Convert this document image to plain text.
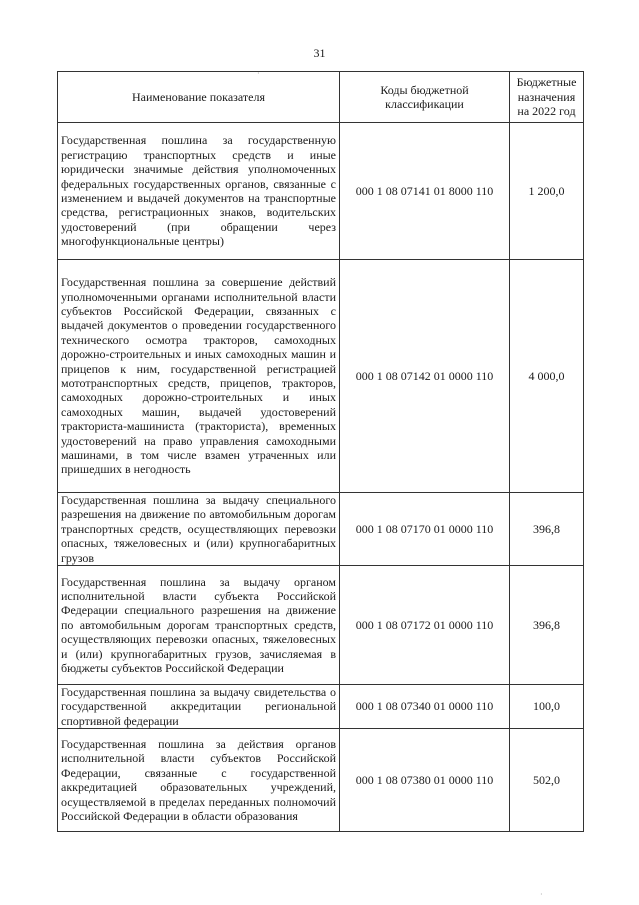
31
Наименование показателя	Коды бюджетной классификации	Бюджетные назначения на 2022 год
Государственная пошлина за государственную регистрацию транспортных средств и иные юридически значимые действия уполномоченных федеральных государственных органов, связанные с изменением и выдачей документов на транспортные средства, регистрационных знаков, водительских удостоверений (при обращении через многофункциональные центры)	000 1 08 07141 01 8000 110	1 200,0
Государственная пошлина за совершение действий уполномоченными органами исполнительной власти субъектов Российской Федерации, связанных с выдачей документов о проведении государственного технического осмотра тракторов, самоходных дорожно-строительных и иных самоходных машин и прицепов к ним, государственной регистрацией мототранспортных средств, прицепов, тракторов, самоходных дорожно-строительных и иных самоходных машин, выдачей удостоверений тракториста-машиниста (тракториста), временных удостоверений на право управления самоходными машинами, в том числе взамен утраченных или пришедших в негодность	000 1 08 07142 01 0000 110	4 000,0
Государственная пошлина за выдачу специального разрешения на движение по автомобильным дорогам транспортных средств, осуществляющих перевозки опасных, тяжеловесных и (или) крупногабаритных грузов	000 1 08 07170 01 0000 110	396,8
Государственная пошлина за выдачу органом исполнительной власти субъекта Российской Федерации специального разрешения на движение по автомобильным дорогам транспортных средств, осуществляющих перевозки опасных, тяжеловесных и (или) крупногабаритных грузов, зачисляемая в бюджеты субъектов Российской Федерации	000 1 08 07172 01 0000 110	396,8
Государственная пошлина за выдачу свидетельства о государственной аккредитации региональной спортивной федерации	000 1 08 07340 01 0000 110	100,0
Государственная пошлина за действия органов исполнительной власти субъектов Российской Федерации, связанные с государственной аккредитацией образовательных учреждений, осуществляемой в пределах переданных полномочий Российской Федерации в области образования	000 1 08 07380 01 0000 110	502,0
·
·
